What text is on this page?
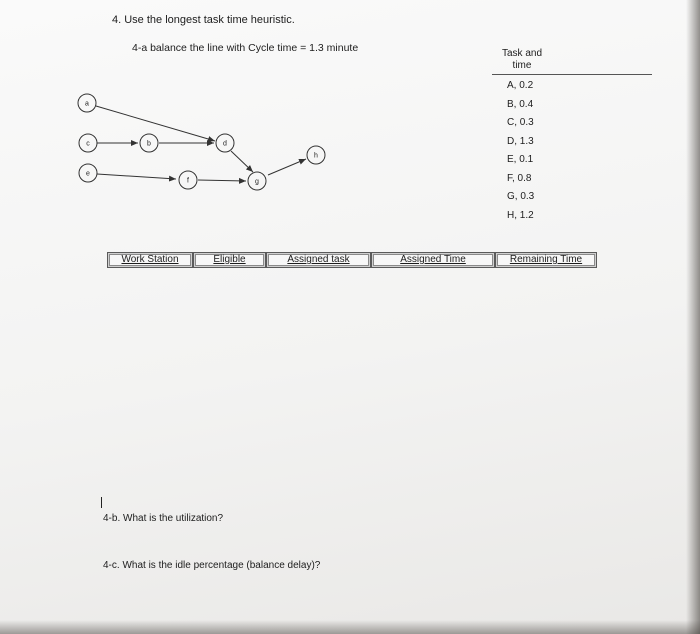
4. Use the longest task time heuristic.
4-a balance the line with Cycle time = 1.3 minute	Task and
time
A, 0.2
B, 0.4
C, 0.3
D, 1.3
E, 0.1
F, 0.8
G, 0.3
H, 1.2
a
b
c	d
e
f	g
h
Work Station	Eligible	Assigned task	Assigned Time	Remaining Time
4-b. What is the utilization?
4-c. What is the idle percentage (balance delay)?
